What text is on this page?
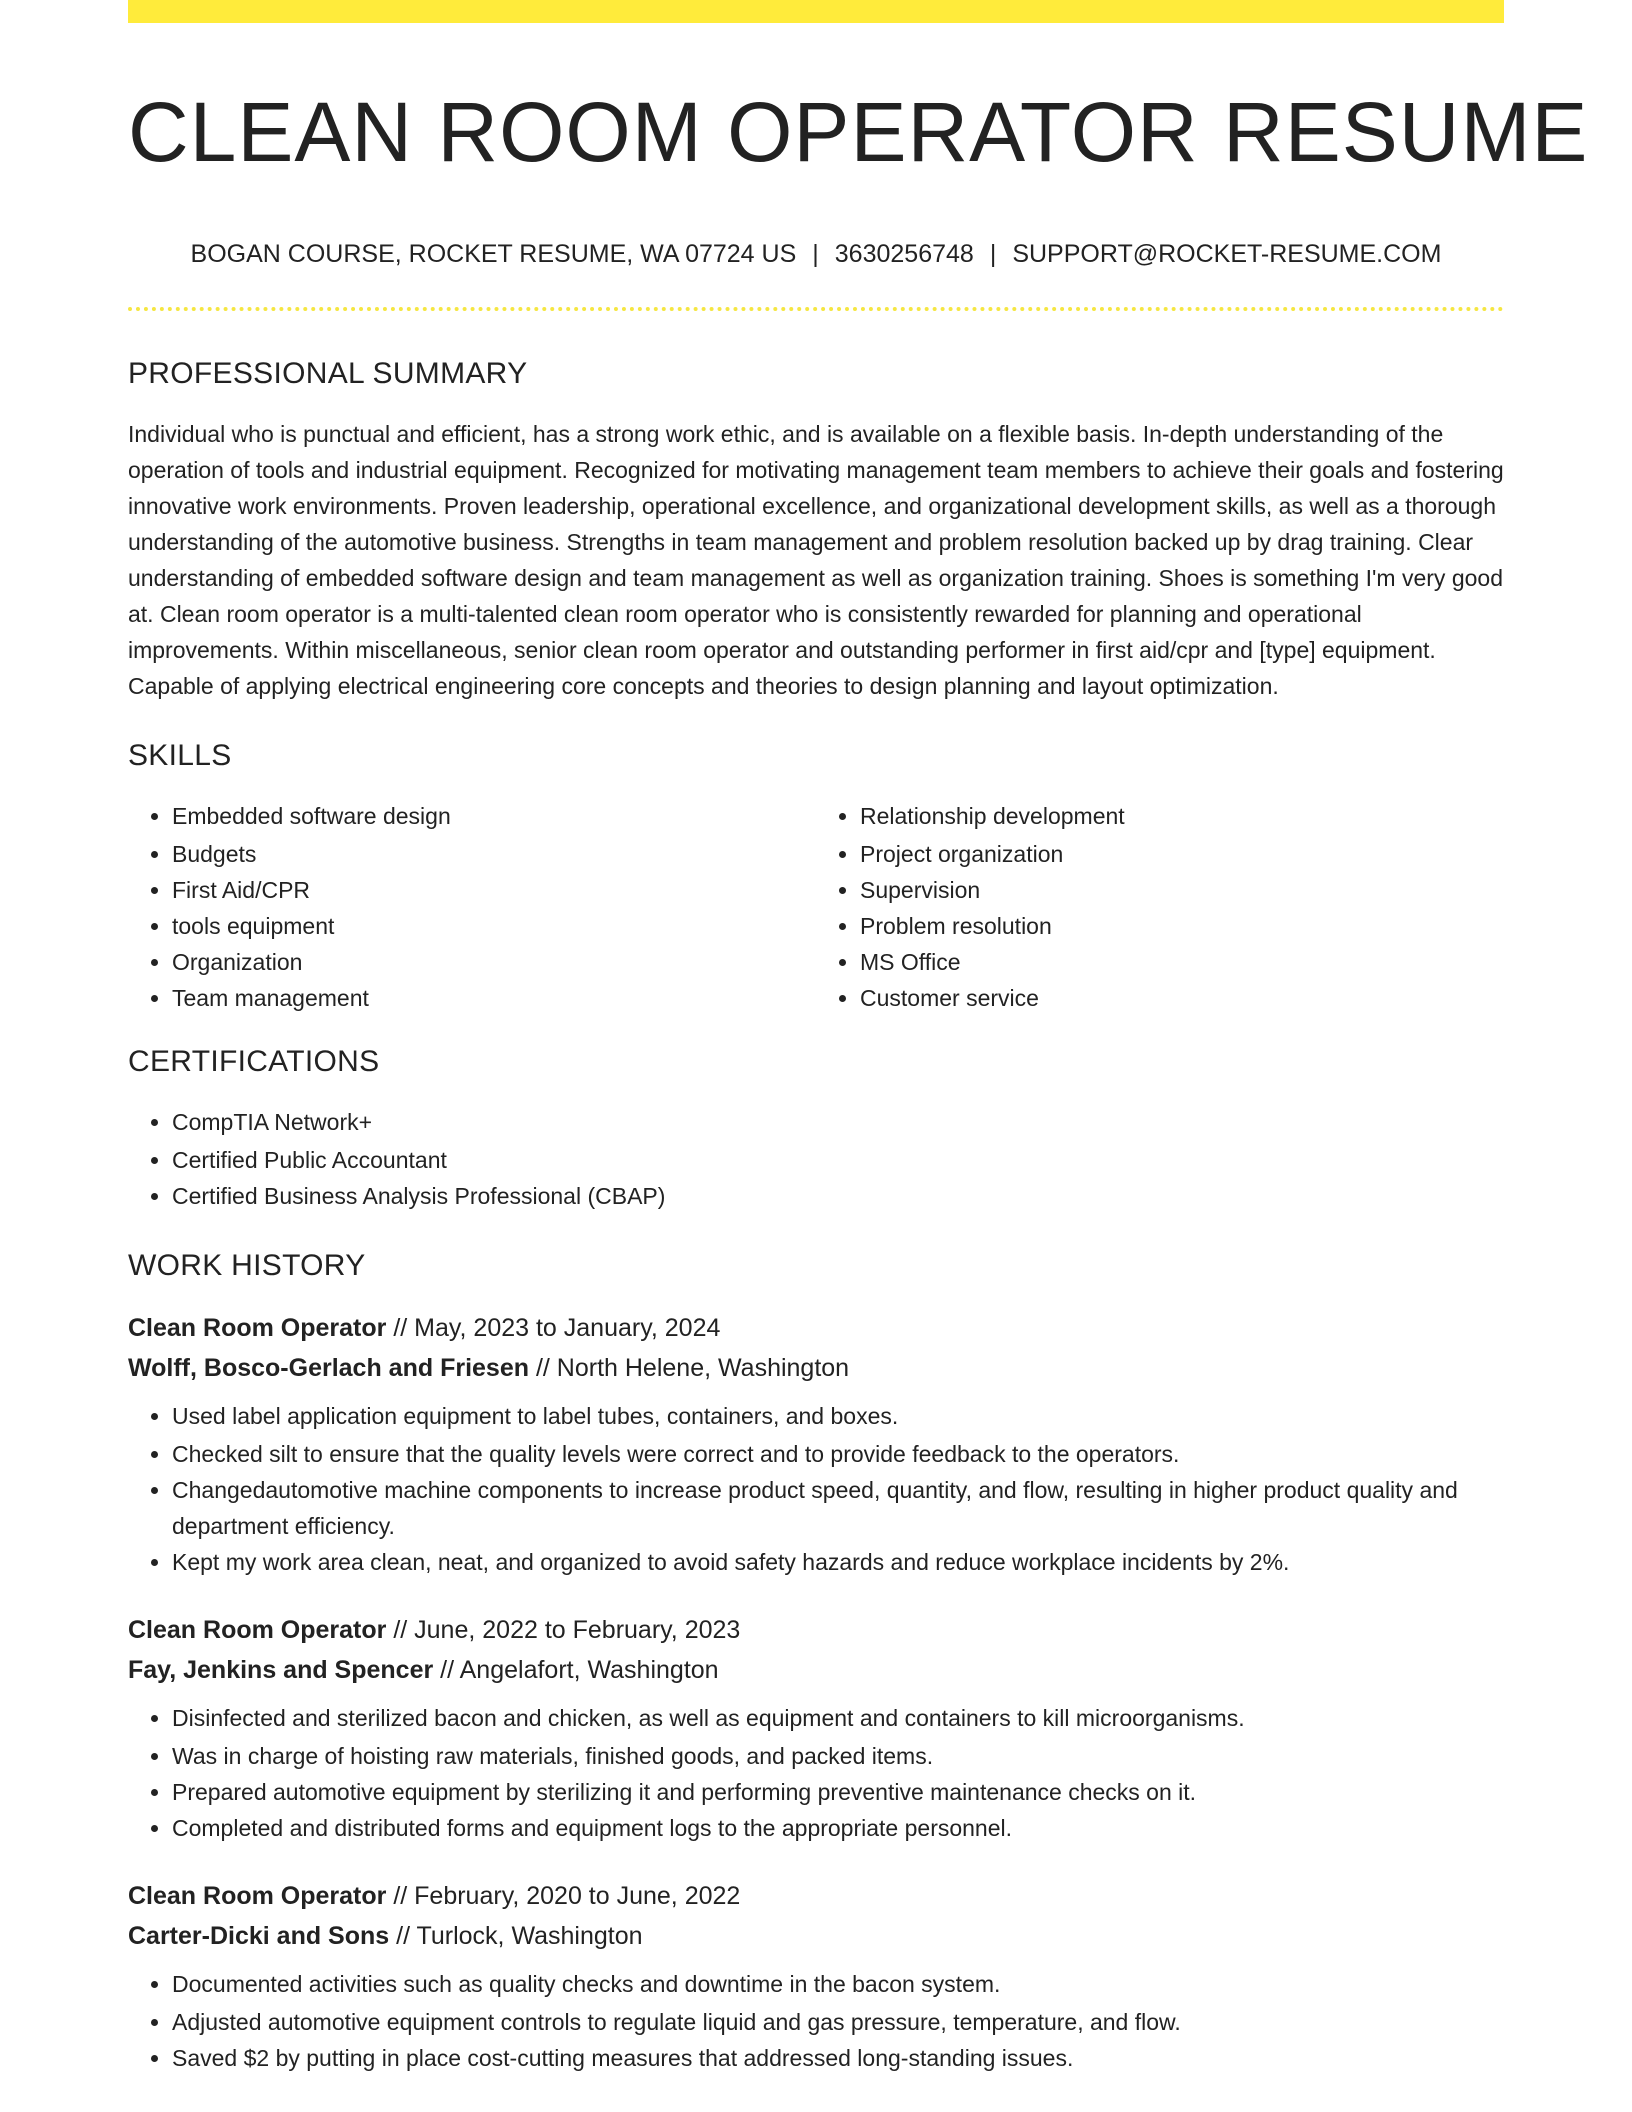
CLEAN ROOM OPERATOR RESUME

BOGAN COURSE, ROCKET RESUME, WA 07724 US | 3630256748 | SUPPORT@ROCKET-RESUME.COM

PROFESSIONAL SUMMARY

Individual who is punctual and efficient, has a strong work ethic, and is available on a flexible basis. In-depth understanding of the operation of tools and industrial equipment. Recognized for motivating management team members to achieve their goals and fostering innovative work environments. Proven leadership, operational excellence, and organizational development skills, as well as a thorough understanding of the automotive business. Strengths in team management and problem resolution backed up by drag training. Clear understanding of embedded software design and team management as well as organization training. Shoes is something I'm very good at. Clean room operator is a multi-talented clean room operator who is consistently rewarded for planning and operational improvements. Within miscellaneous, senior clean room operator and outstanding performer in first aid/cpr and [type] equipment. Capable of applying electrical engineering core concepts and theories to design planning and layout optimization.

SKILLS
• Embedded software design
• Budgets
• First Aid/CPR
• tools equipment
• Organization
• Team management
• Relationship development
• Project organization
• Supervision
• Problem resolution
• MS Office
• Customer service
CERTIFICATIONS
• CompTIA Network+
• Certified Public Accountant
• Certified Business Analysis Professional (CBAP)
WORK HISTORY

Clean Room Operator // May, 2023 to January, 2024

Wolff, Bosco-Gerlach and Friesen // North Helene, Washington

• Used label application equipment to label tubes, containers, and boxes.
• Checked silt to ensure that the quality levels were correct and to provide feedback to the operators.
• Changedautomotive machine components to increase product speed, quantity, and flow, resulting in higher product quality and department efficiency.
• Kept my work area clean, neat, and organized to avoid safety hazards and reduce workplace incidents by 2%.

Clean Room Operator // June, 2022 to February, 2023

Fay, Jenkins and Spencer // Angelafort, Washington

• Disinfected and sterilized bacon and chicken, as well as equipment and containers to kill microorganisms.
• Was in charge of hoisting raw materials, finished goods, and packed items.
• Prepared automotive equipment by sterilizing it and performing preventive maintenance checks on it.
• Completed and distributed forms and equipment logs to the appropriate personnel.

Clean Room Operator // February, 2020 to June, 2022

Carter-Dicki and Sons // Turlock, Washington

• Documented activities such as quality checks and downtime in the bacon system.
• Adjusted automotive equipment controls to regulate liquid and gas pressure, temperature, and flow.
• Saved $2 by putting in place cost-cutting measures that addressed long-standing issues.
